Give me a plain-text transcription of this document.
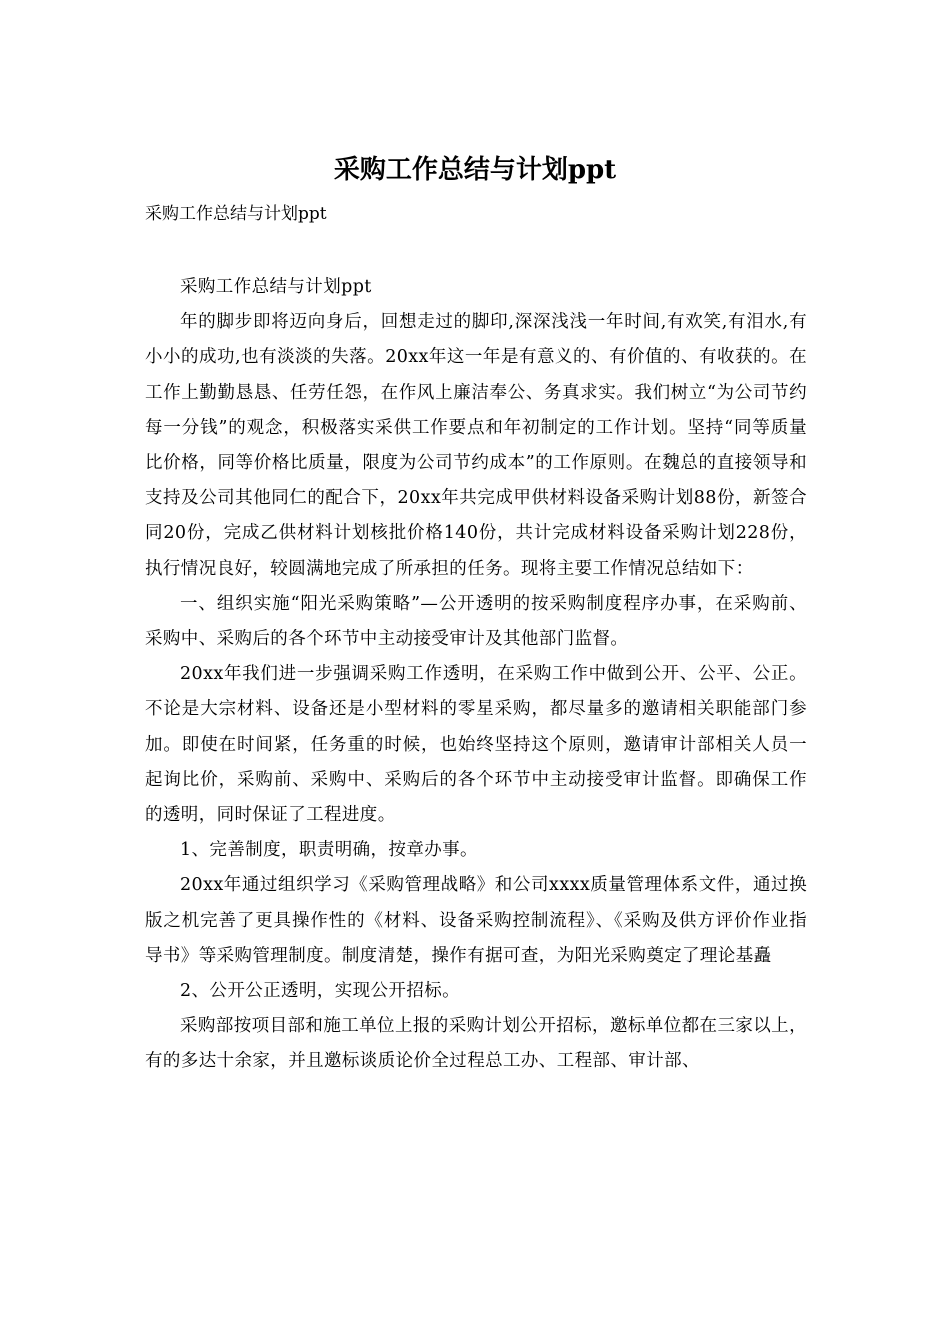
采购工作总结与计划ppt
采购工作总结与计划ppt

采购工作总结与计划ppt

年的脚步即将迈向身后，回想走过的脚印,深深浅浅一年时间,有欢笑,有泪水,有小小的成功,也有淡淡的失落。20xx年这一年是有意义的、有价值的、有收获的。在工作上勤勤恳恳、任劳任怨，在作风上廉洁奉公、务真求实。我们树立“为公司节约每一分钱”的观念，积极落实采供工作要点和年初制定的工作计划。坚持“同等质量比价格，同等价格比质量，限度为公司节约成本”的工作原则。在魏总的直接领导和支持及公司其他同仁的配合下，20xx年共完成甲供材料设备采购计划88份，新签合同20份，完成乙供材料计划核批价格140份，共计完成材料设备采购计划228份，执行情况良好，较圆满地完成了所承担的任务。现将主要工作情况总结如下：

一、组织实施“阳光采购策略”—公开透明的按采购制度程序办事，在采购前、采购中、采购后的各个环节中主动接受审计及其他部门监督。

20xx年我们进一步强调采购工作透明，在采购工作中做到公开、公平、公正。不论是大宗材料、设备还是小型材料的零星采购，都尽量多的邀请相关职能部门参加。即使在时间紧，任务重的时候，也始终坚持这个原则，邀请审计部相关人员一起询比价，采购前、采购中、采购后的各个环节中主动接受审计监督。即确保工作的透明，同时保证了工程进度。

1、完善制度，职责明确，按章办事。

20xx年通过组织学习《采购管理战略》和公司xxxx质量管理体系文件，通过换版之机完善了更具操作性的《材料、设备采购控制流程》、《采购及供方评价作业指导书》等采购管理制度。制度清楚，操作有据可查，为阳光采购奠定了理论基矗

2、公开公正透明，实现公开招标。

采购部按项目部和施工单位上报的采购计划公开招标，邀标单位都在三家以上，有的多达十余家，并且邀标谈质论价全过程总工办、工程部、审计部、
